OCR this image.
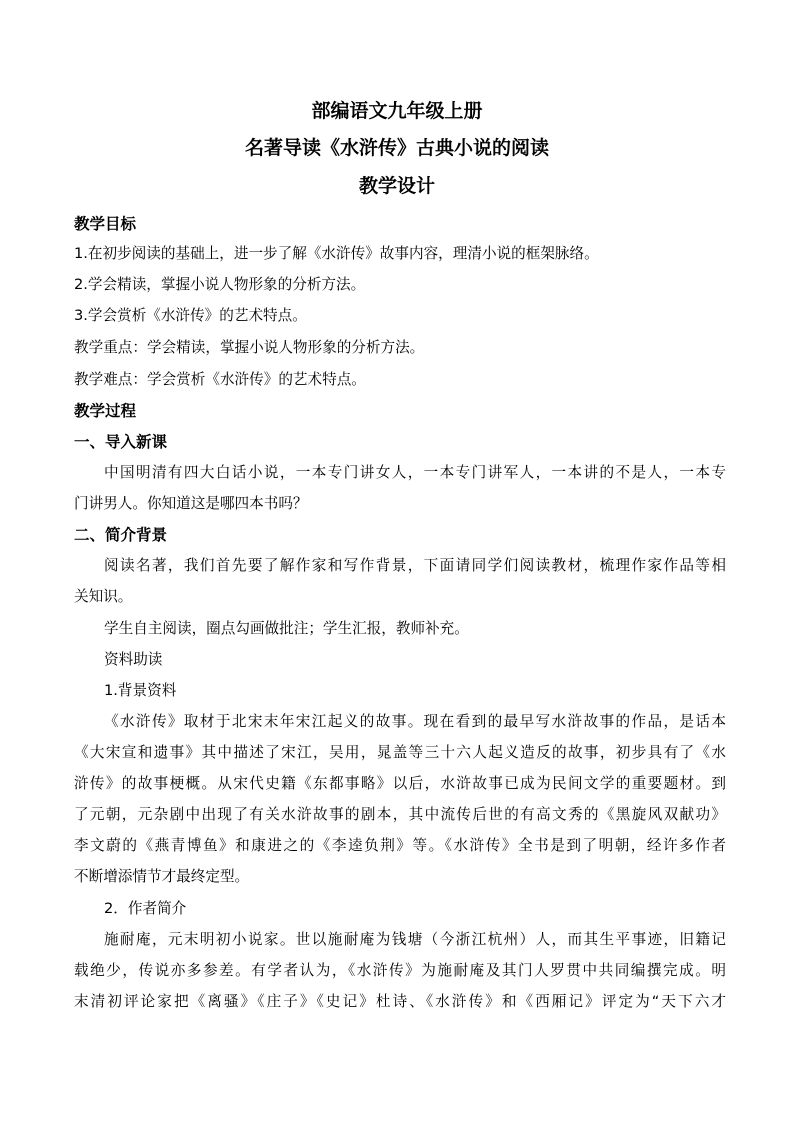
部编语文九年级上册
名著导读《水浒传》古典小说的阅读
教学设计
教学目标
1.在初步阅读的基础上，进一步了解《水浒传》故事内容，理清小说的框架脉络。
2.学会精读，掌握小说人物形象的分析方法。
3.学会赏析《水浒传》的艺术特点。
教学重点：学会精读，掌握小说人物形象的分析方法。
教学难点：学会赏析《水浒传》的艺术特点。
教学过程
一、导入新课
中国明清有四大白话小说，一本专门讲女人，一本专门讲军人，一本讲的不是人，一本专
门讲男人。你知道这是哪四本书吗？
二、简介背景
阅读名著，我们首先要了解作家和写作背景，下面请同学们阅读教材，梳理作家作品等相
关知识。
学生自主阅读，圈点勾画做批注；学生汇报，教师补充。
资料助读
1.背景资料
《水浒传》取材于北宋末年宋江起义的故事。现在看到的最早写水浒故事的作品，是话本
《大宋宣和遗事》其中描述了宋江，吴用，晁盖等三十六人起义造反的故事，初步具有了《水
浒传》的故事梗概。从宋代史籍《东都事略》以后，水浒故事已成为民间文学的重要题材。到
了元朝，元杂剧中出现了有关水浒故事的剧本，其中流传后世的有高文秀的《黑旋风双献功》
李文蔚的《燕青博鱼》和康进之的《李逵负荆》等。《水浒传》全书是到了明朝，经许多作者
不断增添情节才最终定型。
2．作者简介
施耐庵，元末明初小说家。世以施耐庵为钱塘（今浙江杭州）人，而其生平事迹，旧籍记
载绝少，传说亦多参差。有学者认为，《水浒传》为施耐庵及其门人罗贯中共同编撰完成。明
末清初评论家把《离骚》《庄子》《史记》杜诗、《水浒传》和《西厢记》评定为“天下六才
